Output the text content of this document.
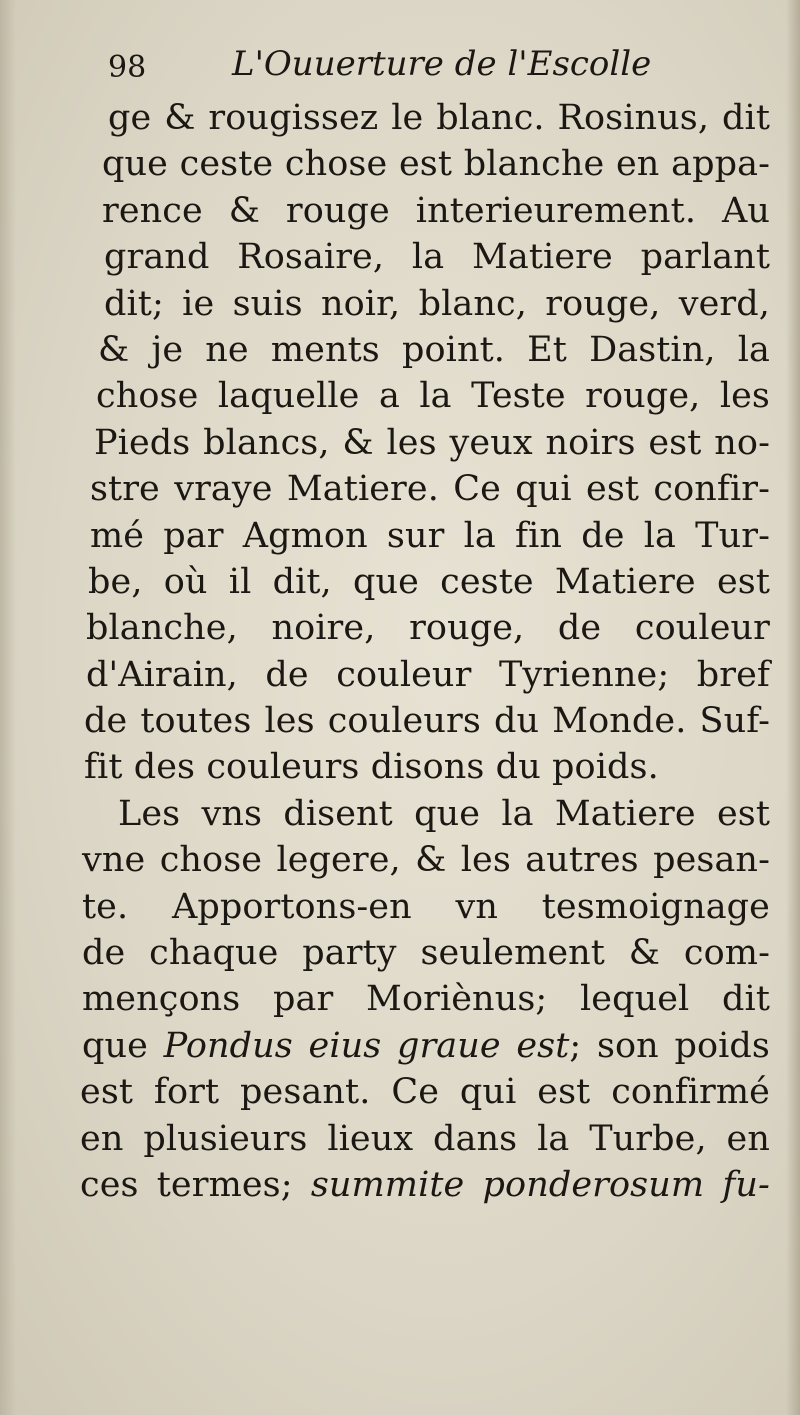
98	L'Ouuerture de l'Escolle
ge & rougissez le blanc. Rosinus, dit
que ceste chose est blanche en appa-
rence & rouge interieurement. Au
grand Rosaire, la Matiere parlant
dit; ie suis noir, blanc, rouge, verd,
& je ne ments point. Et Dastin, la
chose laquelle a la Teste rouge, les
Pieds blancs, & les yeux noirs est no-
stre vraye Matiere. Ce qui est confir-
mé par Agmon sur la fin de la Tur-
be, où il dit, que ceste Matiere est
blanche, noire, rouge, de couleur
d'Airain, de couleur Tyrienne; bref
de toutes les couleurs du Monde. Suf-
fit des couleurs disons du poids.
Les vns disent que la Matiere est
vne chose legere, & les autres pesan-
te. Apportons-en vn tesmoignage
de chaque party seulement & com-
mençons par Moriènus; lequel dit
que Pondus eius graue est; son poids
est fort pesant. Ce qui est confirmé
en plusieurs lieux dans la Turbe, en
ces termes; summite ponderosum fu-
